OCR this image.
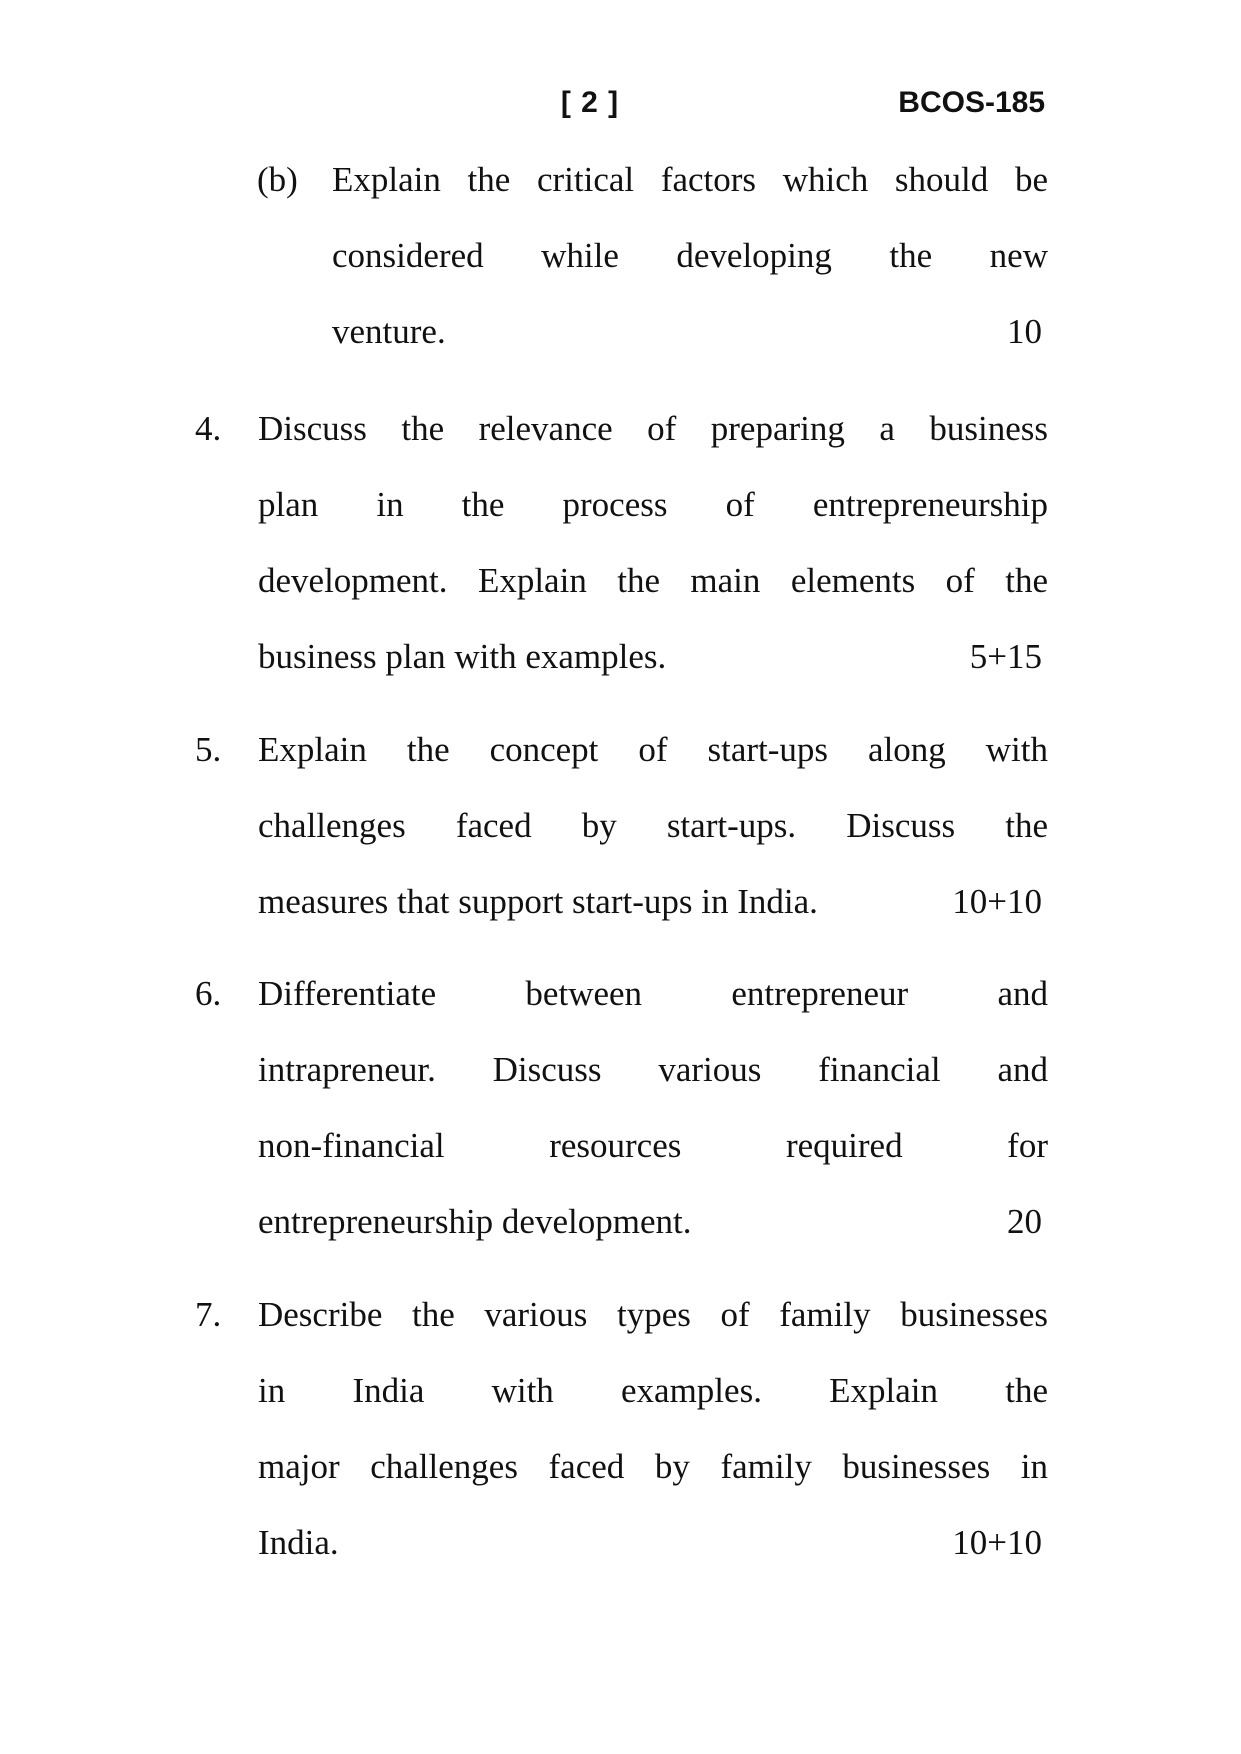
[ 2 ]	BCOS-185
(b) Explain the critical factors which should be
considered while developing the new
venture.	10
4. Discuss the relevance of preparing a business
plan in the process of entrepreneurship
development. Explain the main elements of the
business plan with examples.	5+15
5. Explain the concept of start-ups along with
challenges faced by start-ups. Discuss the
measures that support start-ups in India.	10+10
6. Differentiate between entrepreneur and
intrapreneur. Discuss various financial and
non-financial resources required for
entrepreneurship development.	20
7. Describe the various types of family businesses
in India with examples. Explain the
major challenges faced by family businesses in
India.	10+10
